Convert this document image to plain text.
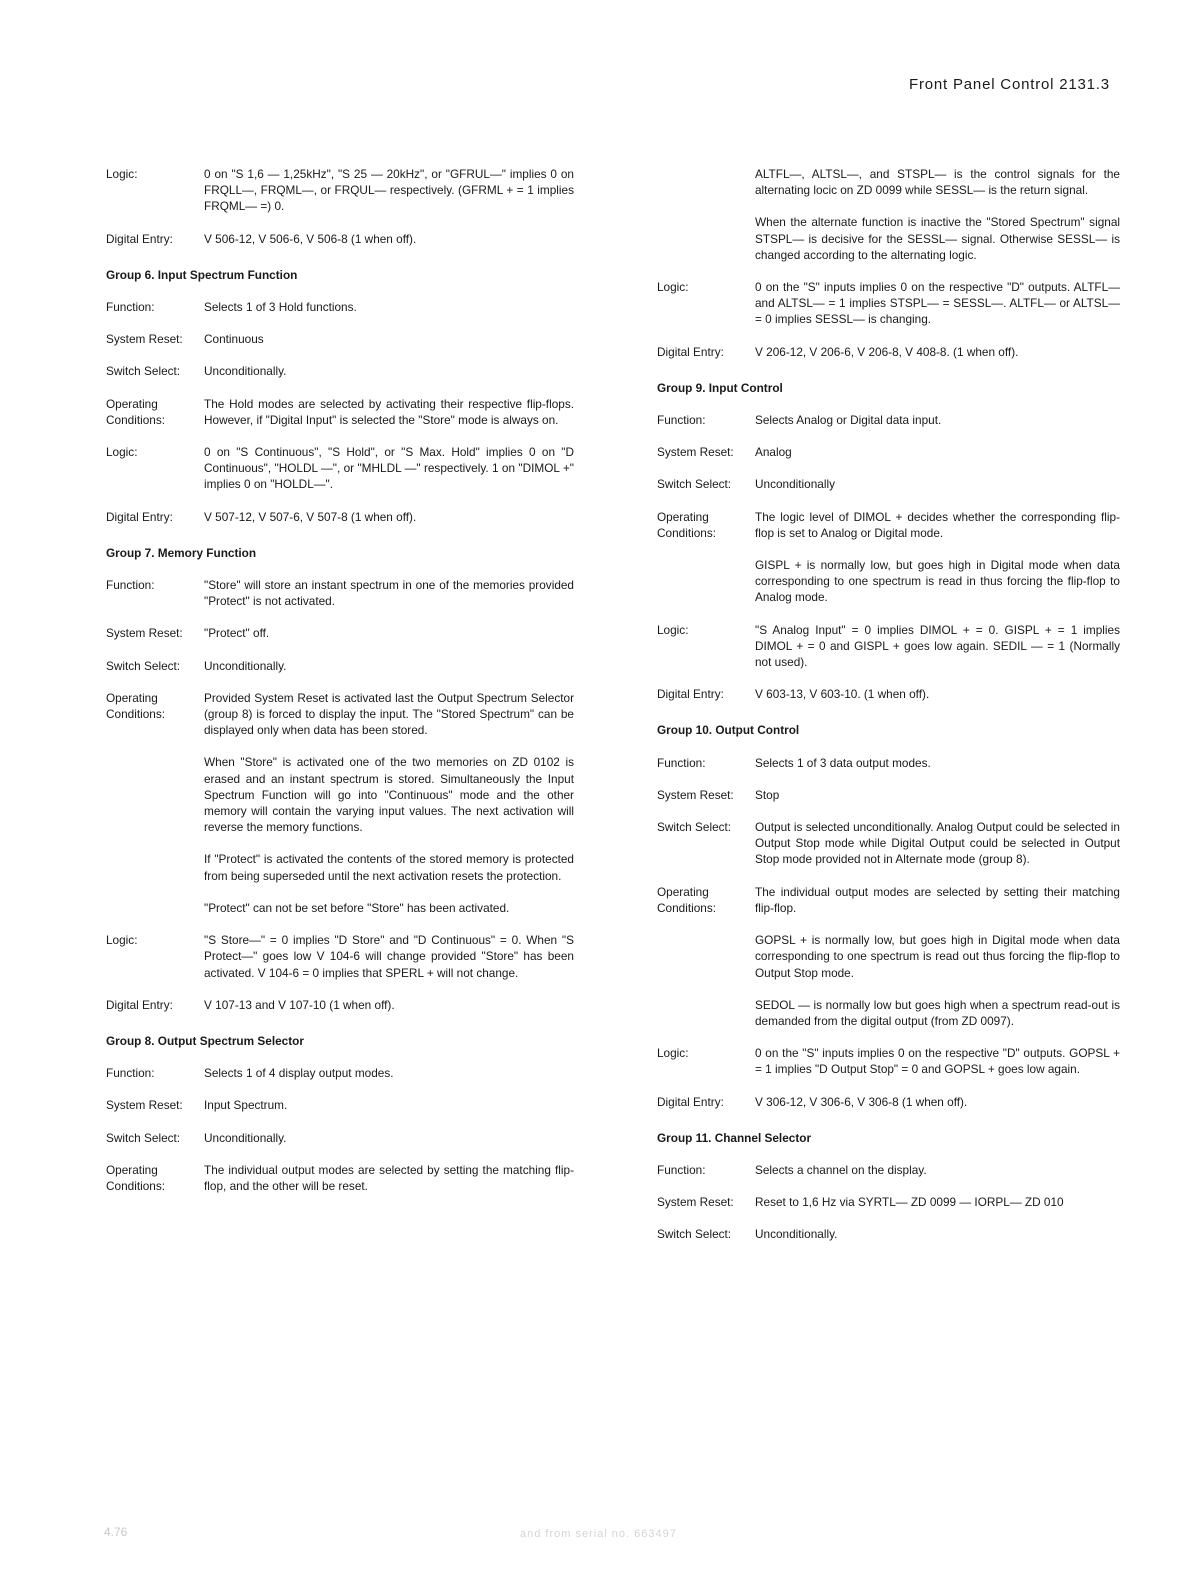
Front Panel Control 2131.3
Logic:	0 on "S 1,6 — 1,25kHz", "S 25 — 20kHz", or "GFRUL—" implies 0 on FRQLL—, FRQML—, or FRQUL— respectively. (GFRML + = 1 implies FRQML— =) 0.
Digital Entry:	V 506-12, V 506-6, V 506-8 (1 when off).
Group 6. Input Spectrum Function
Function:	Selects 1 of 3 Hold functions.
System Reset:	Continuous
Switch Select:	Unconditionally.
Operating Conditions:
The Hold modes are selected by activating their respective flip-flops. However, if "Digital Input" is selected the "Store" mode is always on.
Logic:	0 on "S Continuous", "S Hold", or "S Max. Hold" implies 0 on "D Continuous", "HOLDL —", or "MHLDL —" respectively. 1 on "DIMOL +" implies 0 on "HOLDL—".
Digital Entry:	V 507-12, V 507-6, V 507-8 (1 when off).
Group 7. Memory Function
Function:	"Store" will store an instant spectrum in one of the memories provided "Protect" is not activated.
System Reset:	"Protect" off.
Switch Select:	Unconditionally.
Operating Conditions:
Provided System Reset is activated last the Output Spectrum Selector (group 8) is forced to display the input. The "Stored Spectrum" can be displayed only when data has been stored.
When "Store" is activated one of the two memories on ZD 0102 is erased and an instant spectrum is stored. Simultaneously the Input Spectrum Function will go into "Continuous" mode and the other memory will contain the varying input values. The next activation will reverse the memory functions.
If "Protect" is activated the contents of the stored memory is protected from being superseded until the next activation resets the protection.
"Protect" can not be set before "Store" has been activated.
Logic:	"S Store—" = 0 implies "D Store" and "D Continuous" = 0. When "S Protect—" goes low V 104-6 will change provided "Store" has been activated. V 104-6 = 0 implies that SPERL + will not change.
Digital Entry:	V 107-13 and V 107-10 (1 when off).
Group 8. Output Spectrum Selector
Function:	Selects 1 of 4 display output modes.
System Reset:	Input Spectrum.
Switch Select:	Unconditionally.
Operating Conditions:
The individual output modes are selected by setting the matching flip-flop, and the other will be reset.
ALTFL—, ALTSL—, and STSPL— is the control signals for the alternating locic on ZD 0099 while SESSL— is the return signal.
When the alternate function is inactive the "Stored Spectrum" signal STSPL— is decisive for the SESSL— signal. Otherwise SESSL— is changed according to the alternating logic.
Logic:	0 on the "S" inputs implies 0 on the respective "D" outputs. ALTFL— and ALTSL— = 1 implies STSPL— = SESSL—. ALTFL— or ALTSL— = 0 implies SESSL— is changing.
Digital Entry:	V 206-12, V 206-6, V 206-8, V 408-8. (1 when off).
Group 9. Input Control
Function:	Selects Analog or Digital data input.
System Reset:	Analog
Switch Select:	Unconditionally
Operating Conditions:
The logic level of DIMOL + decides whether the corresponding flip-flop is set to Analog or Digital mode.
GISPL + is normally low, but goes high in Digital mode when data corresponding to one spectrum is read in thus forcing the flip-flop to Analog mode.
Logic:	"S Analog Input" = 0 implies DIMOL + = 0. GISPL + = 1 implies DIMOL + = 0 and GISPL + goes low again. SEDIL — = 1 (Normally not used).
Digital Entry:	V 603-13, V 603-10. (1 when off).
Group 10. Output Control
Function:	Selects 1 of 3 data output modes.
System Reset:	Stop
Switch Select:	Output is selected unconditionally. Analog Output could be selected in Output Stop mode while Digital Output could be selected in Output Stop mode provided not in Alternate mode (group 8).
Operating Conditions:
The individual output modes are selected by setting their matching flip-flop.
GOPSL + is normally low, but goes high in Digital mode when data corresponding to one spectrum is read out thus forcing the flip-flop to Output Stop mode.
SEDOL — is normally low but goes high when a spectrum read-out is demanded from the digital output (from ZD 0097).
Logic:	0 on the "S" inputs implies 0 on the respective "D" outputs. GOPSL + = 1 implies "D Output Stop" = 0 and GOPSL + goes low again.
Digital Entry:	V 306-12, V 306-6, V 306-8 (1 when off).
Group 11. Channel Selector
Function:	Selects a channel on the display.
System Reset:	Reset to 1,6 Hz via SYRTL— ZD 0099 — IORPL— ZD 010
Switch Select:	Unconditionally.
4.76	and from serial no. 663497
